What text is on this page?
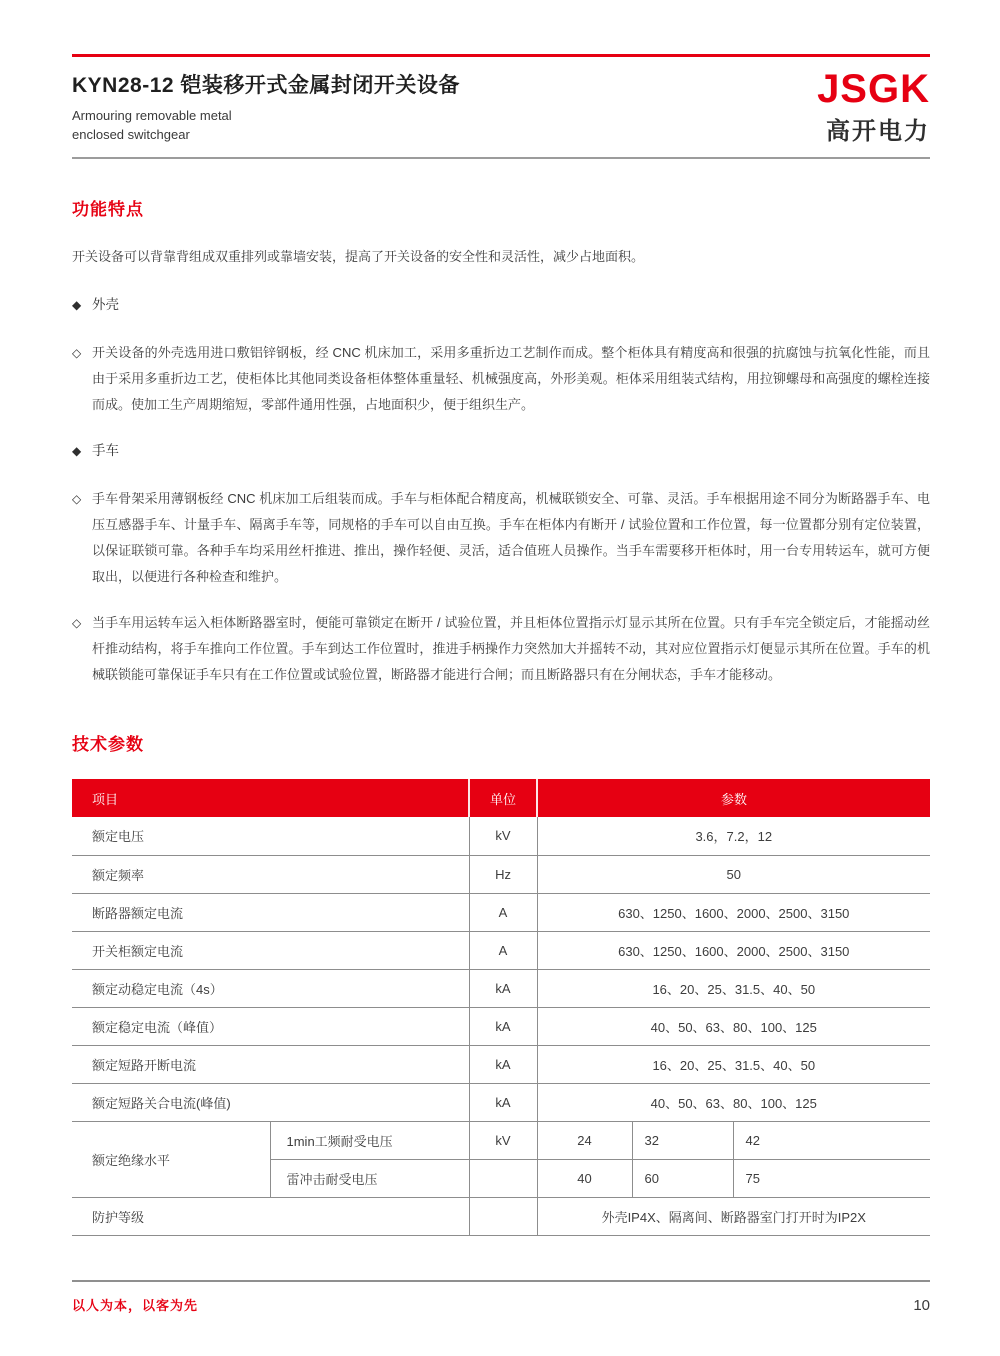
KYN28-12 铠装移开式金属封闭开关设备
Armouring removable metal
enclosed switchgear
JSGK
高开电力
功能特点

开关设备可以背靠背组成双重排列或靠墙安装，提高了开关设备的安全性和灵活性，减少占地面积。

◆ 外壳
◇ 开关设备的外壳选用进口敷铝锌钢板，经 CNC 机床加工，采用多重折边工艺制作而成。整个柜体具有精度高和很强的抗腐蚀与抗氧化性能，而且由于采用多重折边工艺，使柜体比其他同类设备柜体整体重量轻、机械强度高，外形美观。柜体采用组装式结构，用拉铆螺母和高强度的螺栓连接而成。使加工生产周期缩短，零部件通用性强，占地面积少，便于组织生产。
◆ 手车
◇ 手车骨架采用薄钢板经 CNC 机床加工后组装而成。手车与柜体配合精度高，机械联锁安全、可靠、灵活。手车根据用途不同分为断路器手车、电压互感器手车、计量手车、隔离手车等，同规格的手车可以自由互换。手车在柜体内有断开 / 试验位置和工作位置，每一位置都分别有定位装置，以保证联锁可靠。各种手车均采用丝杆推进、推出，操作轻便、灵活，适合值班人员操作。当手车需要移开柜体时，用一台专用转运车，就可方便取出，以便进行各种检查和维护。
◇ 当手车用运转车运入柜体断路器室时，便能可靠锁定在断开 / 试验位置，并且柜体位置指示灯显示其所在位置。只有手车完全锁定后，才能摇动丝杆推动结构，将手车推向工作位置。手车到达工作位置时，推进手柄操作力突然加大并摇转不动，其对应位置指示灯便显示其所在位置。手车的机械联锁能可靠保证手车只有在工作位置或试验位置，断路器才能进行合闸；而且断路器只有在分闸状态，手车才能移动。
技术参数
项目		单位	参数		
额定电压		kV	3.6，7.2，12		
额定频率		Hz	50		
断路器额定电流		A	630、1250、1600、2000、2500、3150		
开关柜额定电流		A	630、1250、1600、2000、2500、3150		
额定动稳定电流（4s）		kA	16、20、25、31.5、40、50		
额定稳定电流（峰值）		kA	40、50、63、80、100、125		
额定短路开断电流		kA	16、20、25、31.5、40、50		
额定短路关合电流(峰值)		kA	40、50、63、80、100、125		
额定绝缘水平	1min工频耐受电压	kV	24	32	42
	雷冲击耐受电压		40	60	75
防护等级			外壳IP4X、隔离间、断路器室门打开时为IP2X		
以人为本，以客为先	10
